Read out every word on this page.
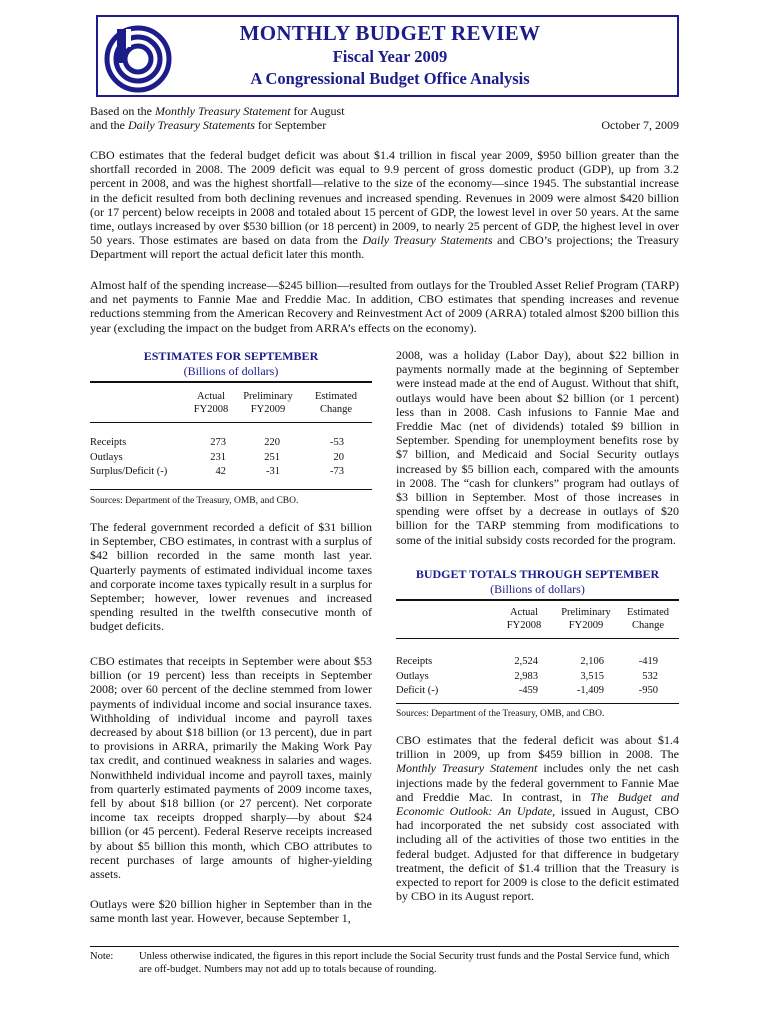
MONTHLY BUDGET REVIEW
Fiscal Year 2009
A Congressional Budget Office Analysis
Based on the Monthly Treasury Statement for August
and the Daily Treasury Statements for September	October 7, 2009

CBO estimates that the federal budget deficit was about $1.4 trillion in fiscal year 2009, $950 billion greater than the shortfall recorded in 2008. The 2009 deficit was equal to 9.9 percent of gross domestic product (GDP), up from 3.2 percent in 2008, and was the highest shortfall—relative to the size of the economy—since 1945. The substantial increase in the deficit resulted from both declining revenues and increased spending. Revenues in 2009 were almost $420 billion (or 17 percent) below receipts in 2008 and totaled about 15 percent of GDP, the lowest level in over 50 years. At the same time, outlays increased by over $530 billion (or 18 percent) in 2009, to nearly 25 percent of GDP, the highest level in over 50 years. Those estimates are based on data from the Daily Treasury Statements and CBO’s projections; the Treasury Department will report the actual deficit later this month.

Almost half of the spending increase—$245 billion—resulted from outlays for the Troubled Asset Relief Program (TARP) and net payments to Fannie Mae and Freddie Mac. In addition, CBO estimates that spending increases and revenue reductions stemming from the American Recovery and Reinvestment Act of 2009 (ARRA) totaled almost $200 billion this year (excluding the impact on the budget from ARRA’s effects on the economy).

ESTIMATES FOR SEPTEMBER
(Billions of dollars)
Actual
FY2008
Preliminary
FY2009
Estimated
Change
Receipts	273	220	-53
Outlays	231	251	20
Surplus/Deficit (-)	42	-31	-73
Sources: Department of the Treasury, OMB, and CBO.

The federal government recorded a deficit of $31 billion in September, CBO estimates, in contrast with a surplus of $42 billion recorded in the same month last year. Quarterly payments of estimated individual income taxes and corporate income taxes typically result in a surplus for September; however, lower revenues and increased spending resulted in the twelfth consecutive month of budget deficits.

CBO estimates that receipts in September were about $53 billion (or 19 percent) less than receipts in September 2008; over 60 percent of the decline stemmed from lower payments of individual income and social insurance taxes. Withholding of individual income and payroll taxes decreased by about $18 billion (or 13 percent), due in part to provisions in ARRA, primarily the Making Work Pay tax credit, and continued weakness in salaries and wages. Nonwithheld individual income and payroll taxes, mainly from quarterly estimated payments of 2009 income taxes, fell by about $18 billion (or 27 percent). Net corporate income tax receipts dropped sharply—by about $24 billion (or 45 percent). Federal Reserve receipts increased by about $5 billion this month, which CBO attributes to recent purchases of large amounts of higher-yielding assets.

Outlays were $20 billion higher in September than in the same month last year. However, because September 1,

2008, was a holiday (Labor Day), about $22 billion in payments normally made at the beginning of September were instead made at the end of August. Without that shift, outlays would have been about $2 billion (or 1 percent) less than in 2008. Cash infusions to Fannie Mae and Freddie Mac (net of dividends) totaled $9 billion in September. Spending for unemployment benefits rose by $7 billion, and Medicaid and Social Security outlays increased by $5 billion each, compared with the amounts in 2008. The “cash for clunkers” program had outlays of $3 billion in September. Most of those increases in spending were offset by a decrease in outlays of $20 billion for the TARP stemming from modifications to some of the initial subsidy costs recorded for the program.

BUDGET TOTALS THROUGH SEPTEMBER
(Billions of dollars)
Actual
FY2008
Preliminary
FY2009
Estimated
Change
Receipts	2,524	2,106	-419
Outlays	2,983	3,515	532
Deficit (-)	-459	-1,409	-950
Sources: Department of the Treasury, OMB, and CBO.

CBO estimates that the federal deficit was about $1.4 trillion in 2009, up from $459 billion in 2008. The Monthly Treasury Statement includes only the net cash injections made by the federal government to Fannie Mae and Freddie Mac. In contrast, in The Budget and Economic Outlook: An Update, issued in August, CBO had incorporated the net subsidy cost associated with including all of the activities of those two entities in the federal budget. Adjusted for that difference in budgetary treatment, the deficit of $1.4 trillion that the Treasury is expected to report for 2009 is close to the deficit estimated by CBO in its August report.

Note: Unless otherwise indicated, the figures in this report include the Social Security trust funds and the Postal Service fund, which are off-budget. Numbers may not add up to totals because of rounding.
